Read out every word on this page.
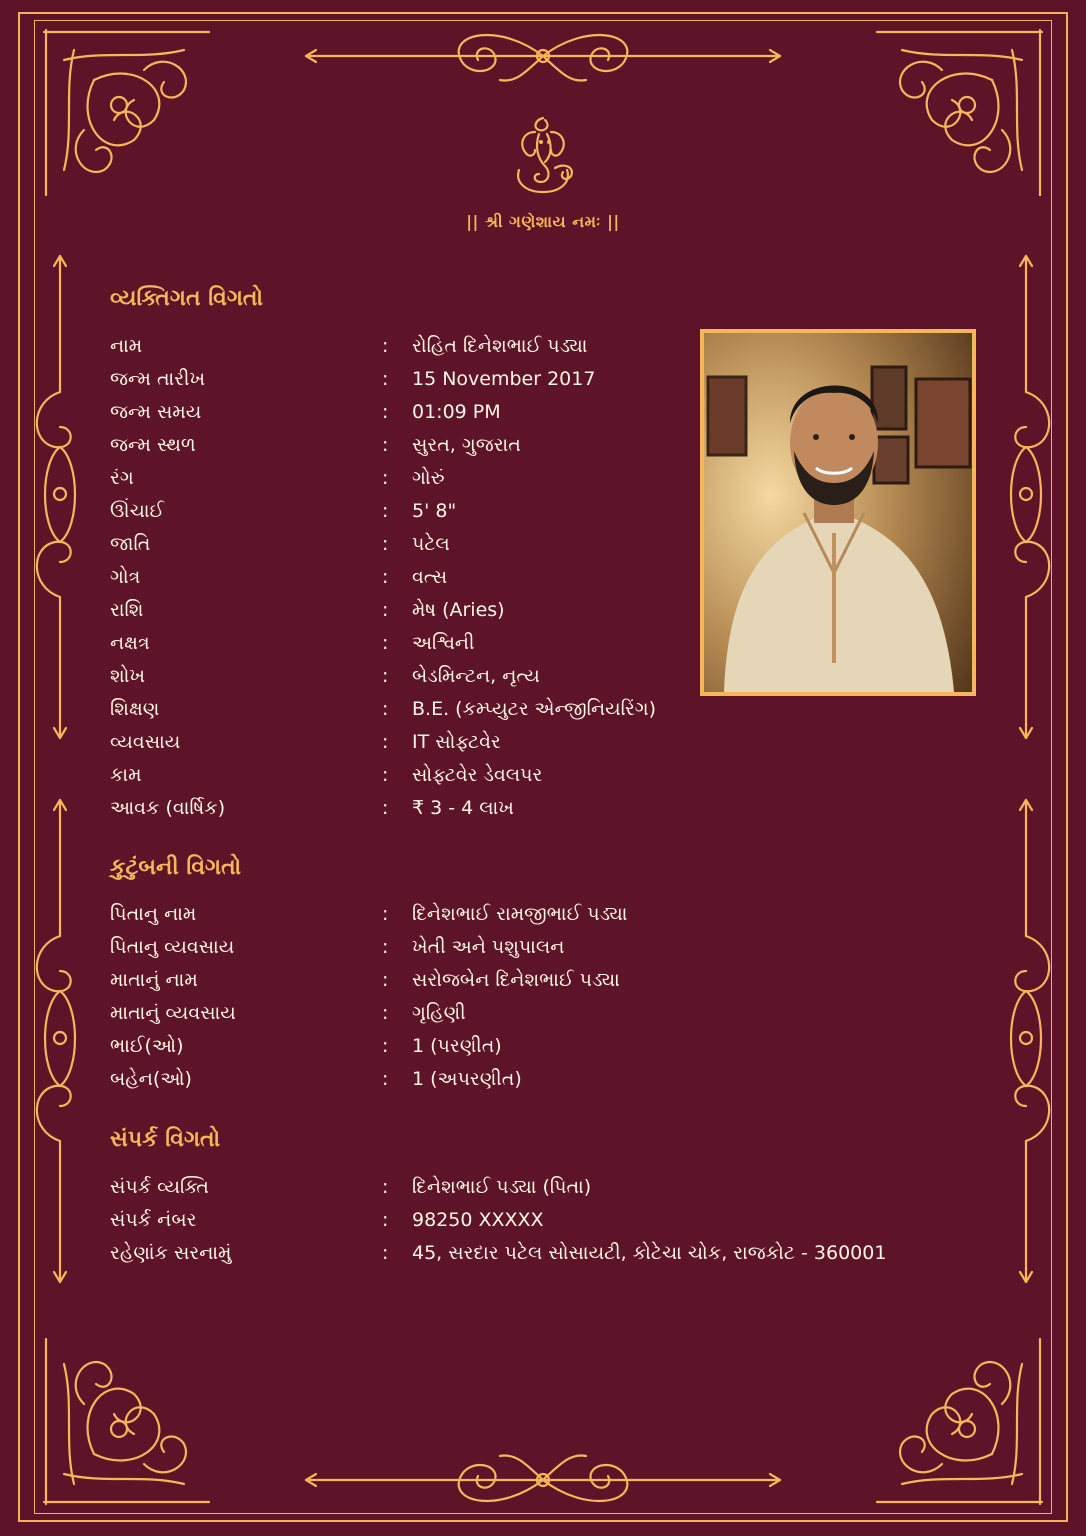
|| શ્રી ગણેશાય નમઃ ||
વ્યક્તિગત વિગતો
નામ	: રોહિત દિનેશભાઈ પડ્યા
જન્મ તારીખ	: 15 November 2017
જન્મ સમય	: 01:09 PM
જન્મ સ્થળ	: સુરત, ગુજરાત
રંગ	: ગોરું
ઊંચાઈ	: 5' 8"
જાતિ	: પટેલ
ગોત્ર	: વત્સ
રાશિ	: મેષ (Aries)
નક્ષત્ર	: અશ્વિની
શોખ	: બેડમિન્ટન, નૃત્ય
શિક્ષણ	: B.E. (કમ્પ્યુટર એન્જીનિયરિંગ)
વ્યવસાય	: IT સોફ્ટવેર
કામ	: સોફ્ટવેર ડેવલપર
આવક (વાર્ષિક)	: ₹ 3 - 4 લાખ
કુટુંબની વિગતો
પિતાનુ નામ	: દિનેશભાઈ રામજીભાઈ પડ્યા
પિતાનુ વ્યવસાય	: ખેતી અને પશુપાલન
માતાનું નામ	: સરોજબેન દિનેશભાઈ પડ્યા
માતાનું વ્યવસાય	: ગૃહિણી
ભાઈ(ઓ)	: 1 (પરણીત)
બહેન(ઓ)	: 1 (અપરણીત)
સંપર્ક વિગતો
સંપર્ક વ્યક્તિ	: દિનેશભાઈ પડ્યા (પિતા)
સંપર્ક નંબર	: 98250 XXXXX
રહેણાંક સરનામું	: 45, સરદાર પટેલ સોસાયટી, કોટેચા ચોક, રાજકોટ - 360001
